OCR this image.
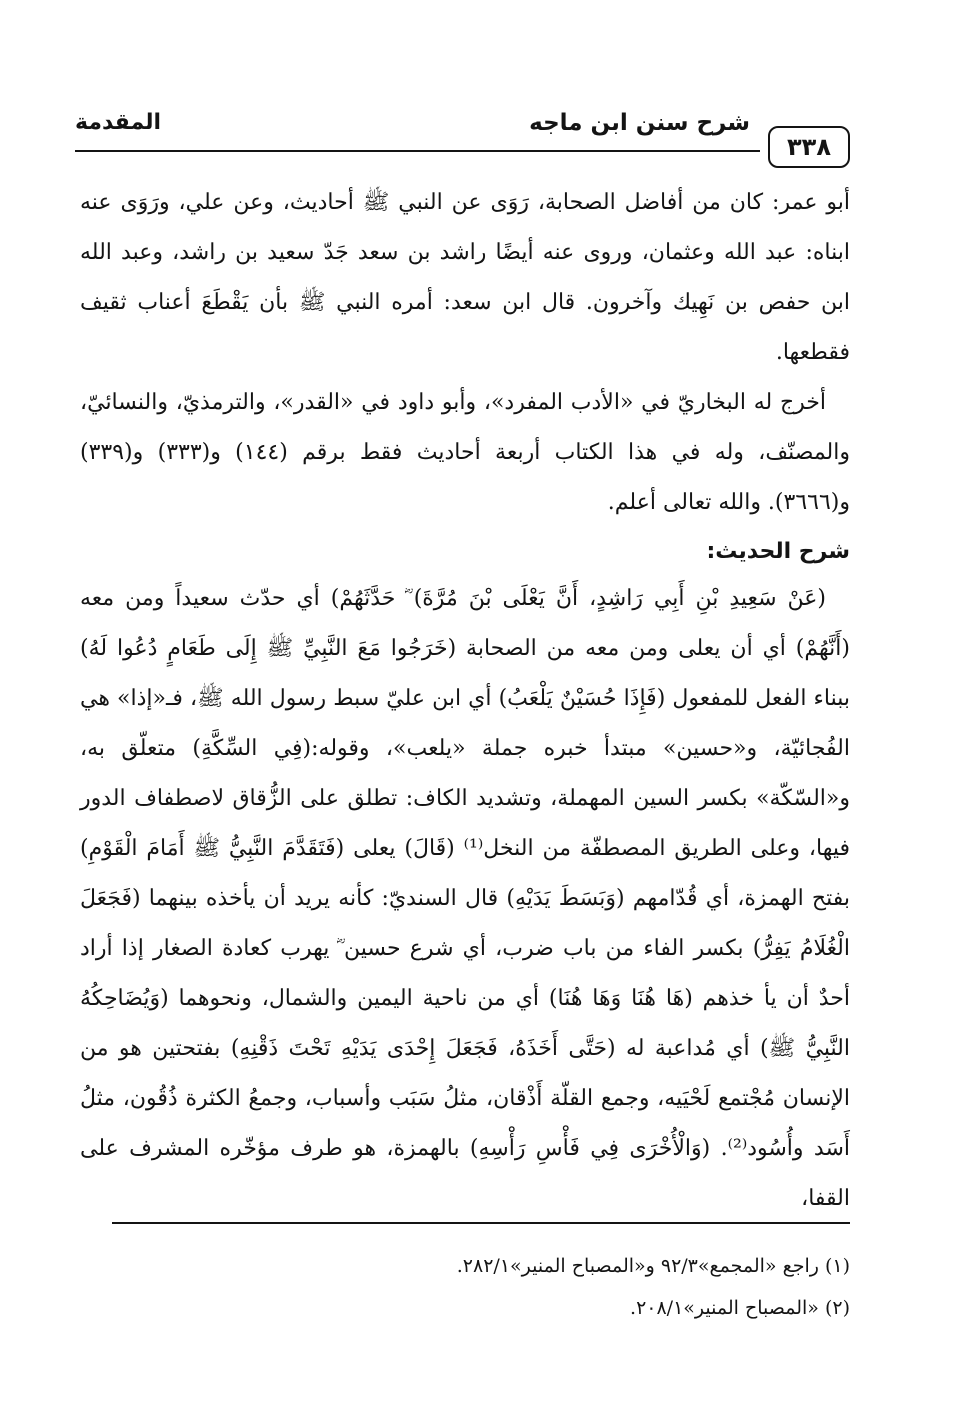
٣٣٨
شرح سنن ابن ماجه
المقدمة

أبو عمر: كان من أفاضل الصحابة، رَوَى عن النبي ﷺ أحاديث، وعن علي، ورَوَى عنه ابناه: عبد الله وعثمان، وروى عنه أيضًا راشد بن سعد جَدّ سعيد بن راشد، وعبد الله ابن حفص بن نَهِيك وآخرون. قال ابن سعد: أمره النبي ﷺ بأن يَقْطَعَ أعناب ثقيف فقطعها.

أخرج له البخاريّ في «الأدب المفرد»، وأبو داود في «القدر»، والترمذيّ، والنسائيّ، والمصنّف، وله في هذا الكتاب أربعة أحاديث فقط برقم (١٤٤) و(٣٣٣) و(٣٣٩) و(٣٦٦٦). والله تعالى أعلم.

شرح الحديث:

(عَنْ سَعِيدِ بْنِ أَبِي رَاشِدٍ، أَنَّ يَعْلَى بْنَ مُرَّةَ) ؓ حَدَّثَهُمْ) أي حدّث سعيداً ومن معه (أَنَّهُمْ) أي أن يعلى ومن معه من الصحابة (خَرَجُوا مَعَ النَّبِيِّ ﷺ إِلَى طَعَامٍ دُعُوا لَهُ) ببناء الفعل للمفعول (فَإِذَا حُسَيْنٌ يَلْعَبُ) أي ابن عليّ سبط رسول الله ﷺ، فـ«إذا» هي الفُجائيّة، و«حسين» مبتدأ خبره جملة «يلعب»، وقوله:(فِي السِّكَّةِ) متعلّق به، و«السّكّة» بكسر السين المهملة، وتشديد الكاف: تطلق على الزُّقاق لاصطفاف الدور فيها، وعلى الطريق المصطفّة من النخل⁽¹⁾ (قَالَ) يعلى (فَتَقَدَّمَ النَّبِيُّ ﷺ أَمَامَ الْقَوْمِ) بفتح الهمزة، أي قُدّامهم (وَبَسَطَ يَدَيْهِ) قال السنديّ: كأنه يريد أن يأخذه بينهما (فَجَعَلَ الْغُلَامُ يَفِرُّ) بكسر الفاء من باب ضرب، أي شرع حسين ؓ يهرب كعادة الصغار إذا أراد أحدٌ أن يأ خذهم (هَا هُنَا وَهَا هُنَا) أي من ناحية اليمين والشمال، ونحوهما (وَيُضَاحِكُهُ النَّبِيُّ ﷺ) أي مُداعبة له (حَتَّى أَخَذَهُ، فَجَعَلَ إِحْدَى يَدَيْهِ تَحْتَ ذَقْنِهِ) بفتحتين هو من الإنسان مُجْتمع لَحْيَيه، وجمع القلّة أَذْقان، مثلُ سَبَب وأسباب، وجمعُ الكثرة ذُقُون، مثلُ أَسَد وأُسُود⁽²⁾. (وَالْأُخْرَى فِي فَأْسِ رَأْسِهِ) بالهمزة، هو طرف مؤخّره المشرف على القفا،

(١) راجع «المجمع»٩٢/٣ و«المصباح المنير»٢٨٢/١.

(٢) «المصباح المنير»٢٠٨/١.
